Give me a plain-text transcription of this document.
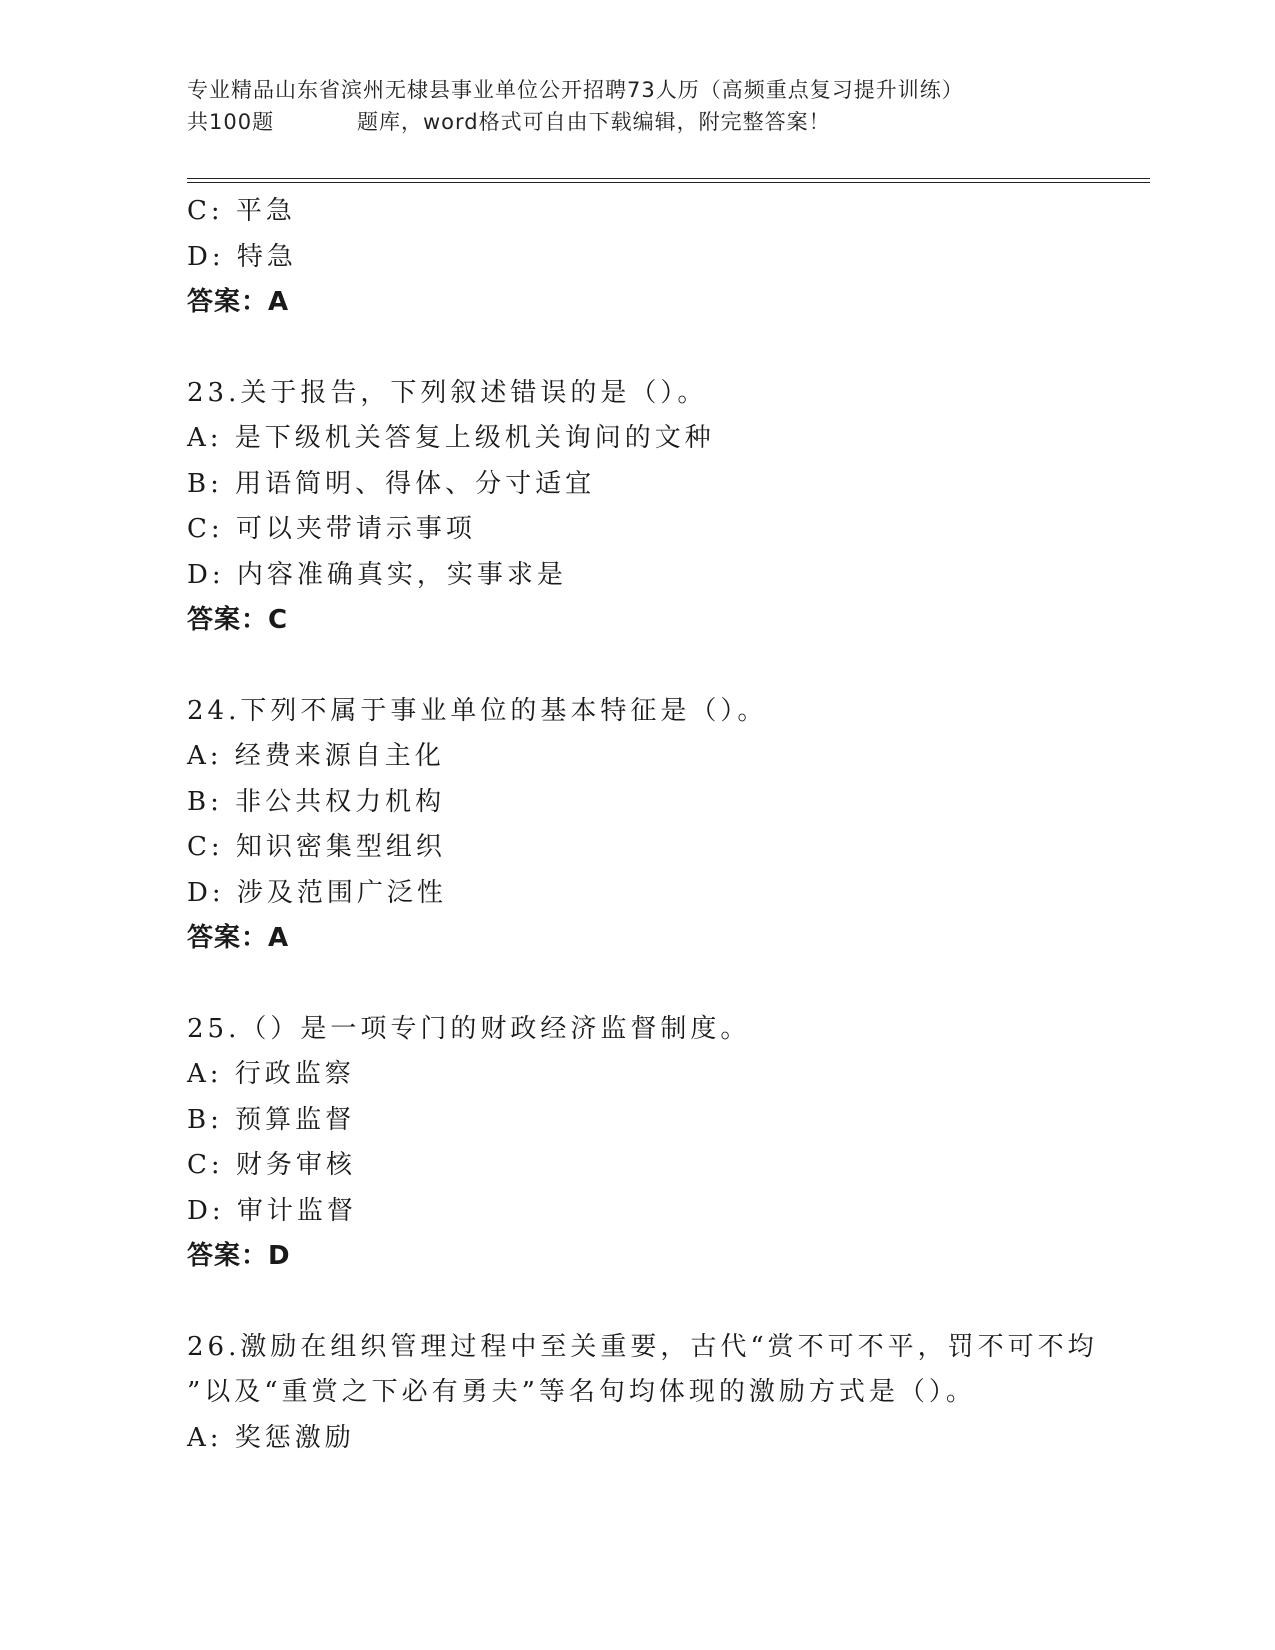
专业精品山东省滨州无棣县事业单位公开招聘73人历（高频重点复习提升训练）
共100题	题库，word格式可自由下载编辑，附完整答案！
C: 平急
D: 特急
答案：A
23.关于报告，下列叙述错误的是（）。
A: 是下级机关答复上级机关询问的文种
B: 用语简明、得体、分寸适宜
C: 可以夹带请示事项
D: 内容准确真实，实事求是
答案：C
24.下列不属于事业单位的基本特征是（）。
A: 经费来源自主化
B: 非公共权力机构
C: 知识密集型组织
D: 涉及范围广泛性
答案：A
25.（）是一项专门的财政经济监督制度。
A: 行政监察
B: 预算监督
C: 财务审核
D: 审计监督
答案：D
26.激励在组织管理过程中至关重要，古代“赏不可不平，罚不可不均
”以及“重赏之下必有勇夫”等名句均体现的激励方式是（）。
A: 奖惩激励
